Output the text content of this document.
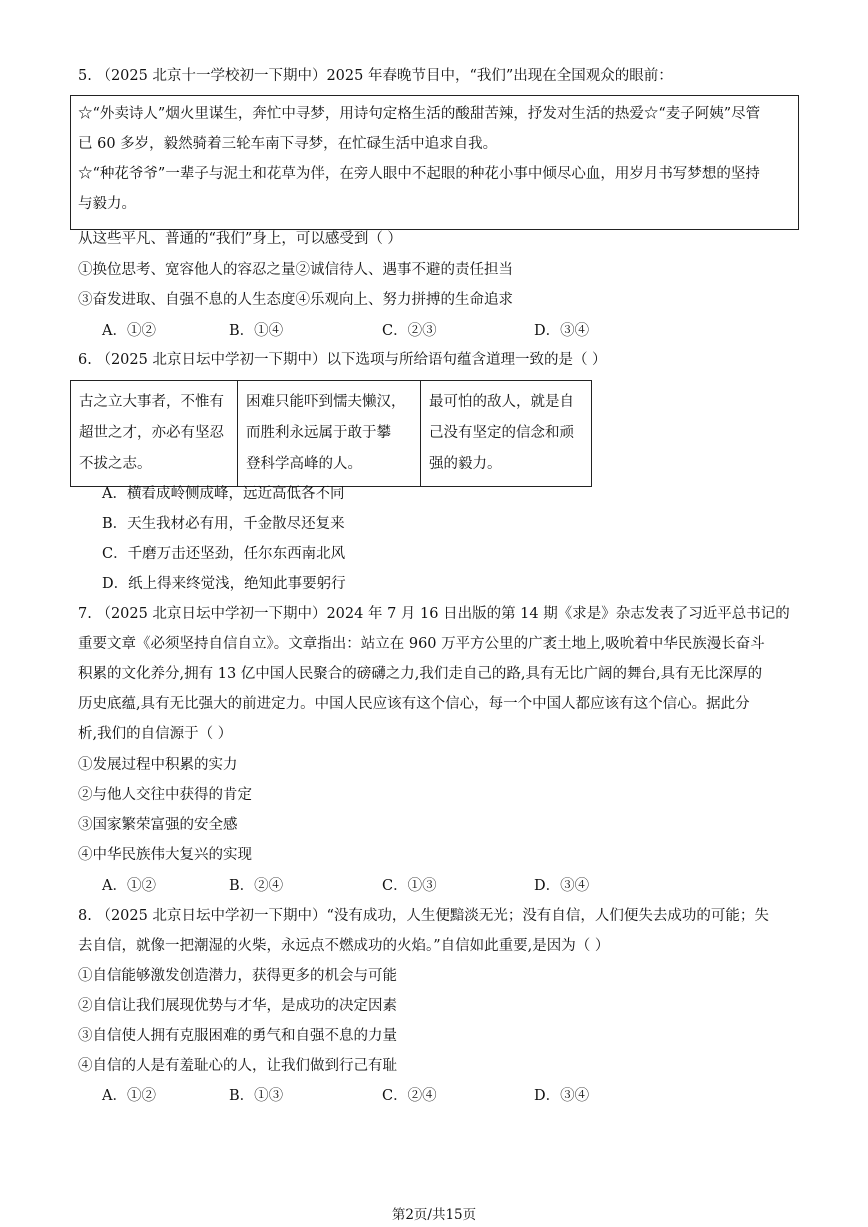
5. （2025 北京十一学校初一下期中）2025 年春晚节目中，“我们”出现在全国观众的眼前：
☆“外卖诗人”烟火里谋生，奔忙中寻梦，用诗句定格生活的酸甜苦辣，抒发对生活的热爱☆“麦子阿姨”尽管
已 60 多岁，毅然骑着三轮车南下寻梦，在忙碌生活中追求自我。
☆“种花爷爷”一辈子与泥土和花草为伴，在旁人眼中不起眼的种花小事中倾尽心血，用岁月书写梦想的坚持
与毅力。
从这些平凡、普通的“我们”身上，可以感受到（ ）
①换位思考、宽容他人的容忍之量②诚信待人、遇事不避的责任担当
③奋发进取、自强不息的人生态度④乐观向上、努力拼搏的生命追求
A．①②	B．①④	C．②③	D．③④
6. （2025 北京日坛中学初一下期中）以下选项与所给语句蕴含道理一致的是（ ）
古之立大事者，不惟有
超世之才，亦必有坚忍
不拔之志。

困难只能吓到懦夫懒汉，
而胜利永远属于敢于攀
登科学高峰的人。

最可怕的敌人，就是自
己没有坚定的信念和顽
强的毅力。
A．横看成岭侧成峰，远近高低各不同
B．天生我材必有用，千金散尽还复来
C．千磨万击还坚劲，任尔东西南北风
D．纸上得来终觉浅，绝知此事要躬行
7. （2025 北京日坛中学初一下期中）2024 年 7 月 16 日出版的第 14 期《求是》杂志发表了习近平总书记的
重要文章《必须坚持自信自立》。文章指出：站立在 960 万平方公里的广袤土地上,吸吮着中华民族漫长奋斗
积累的文化养分,拥有 13 亿中国人民聚合的磅礴之力,我们走自己的路,具有无比广阔的舞台,具有无比深厚的
历史底蕴,具有无比强大的前进定力。中国人民应该有这个信心，每一个中国人都应该有这个信心。据此分
析,我们的自信源于（ ）
①发展过程中积累的实力
②与他人交往中获得的肯定
③国家繁荣富强的安全感
④中华民族伟大复兴的实现
A．①②	B．②④	C．①③	D．③④
8. （2025 北京日坛中学初一下期中）“没有成功，人生便黯淡无光；没有自信，人们便失去成功的可能；失
去自信，就像一把潮湿的火柴，永远点不燃成功的火焰。”自信如此重要,是因为（ ）
①自信能够激发创造潜力，获得更多的机会与可能
②自信让我们展现优势与才华，是成功的决定因素
③自信使人拥有克服困难的勇气和自强不息的力量
④自信的人是有羞耻心的人，让我们做到行己有耻
A．①②	B．①③	C．②④	D．③④
第2页/共15页
